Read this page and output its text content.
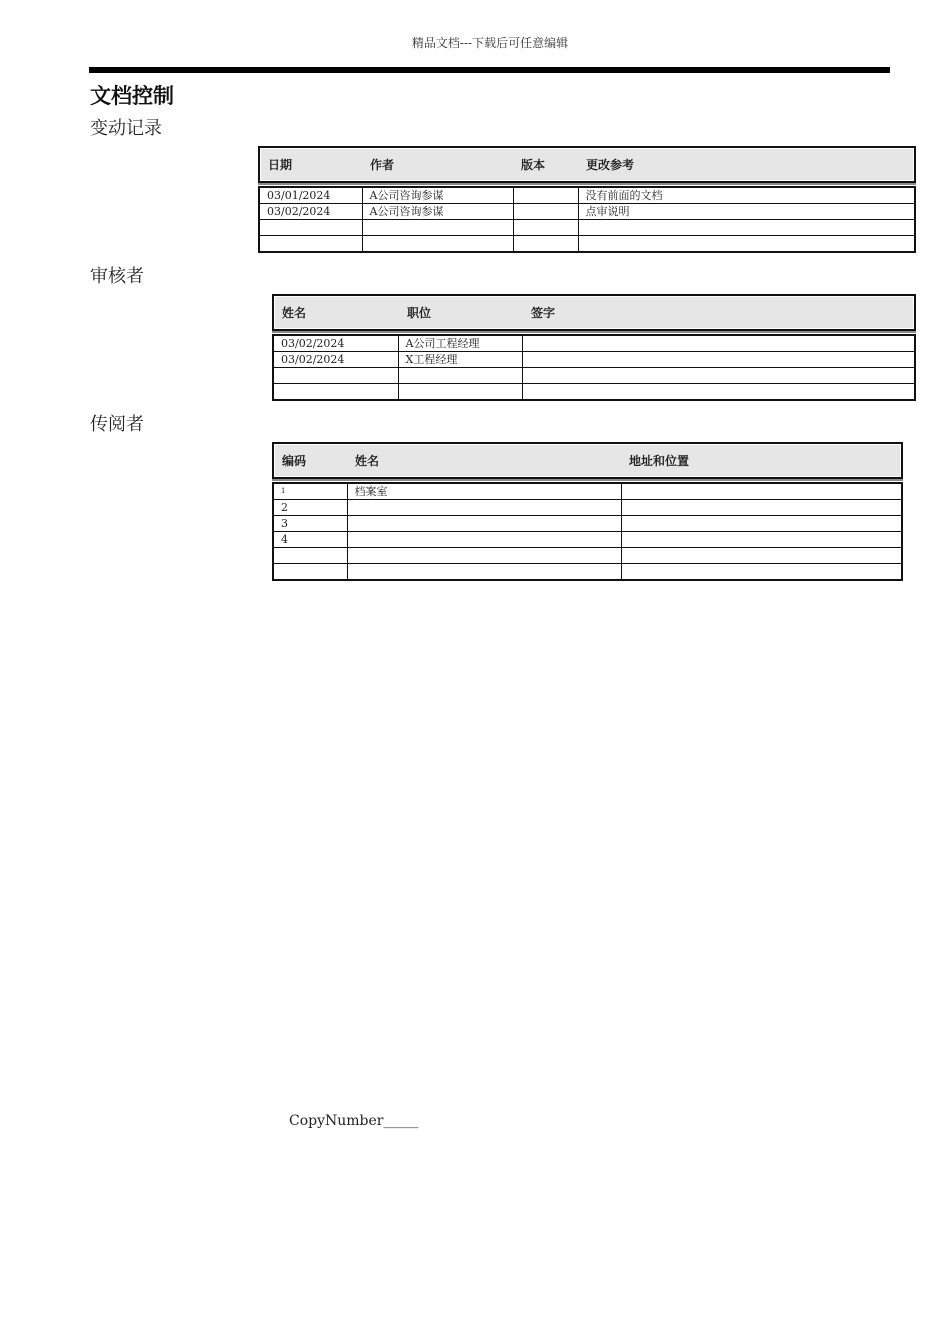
精品文档---下载后可任意编辑
文档控制
变动记录
日期	作者	版本	更改参考
03/01/2024	A公司咨询参谋		没有前面的文档
03/02/2024	A公司咨询参谋		点审说明

审核者
姓名	职位	签字
03/02/2024	A公司工程经理	
03/02/2024	X工程经理	

传阅者
编码	姓名	地址和位置
$^1$	档案室	
2		
3		
4		

CopyNumber_____
